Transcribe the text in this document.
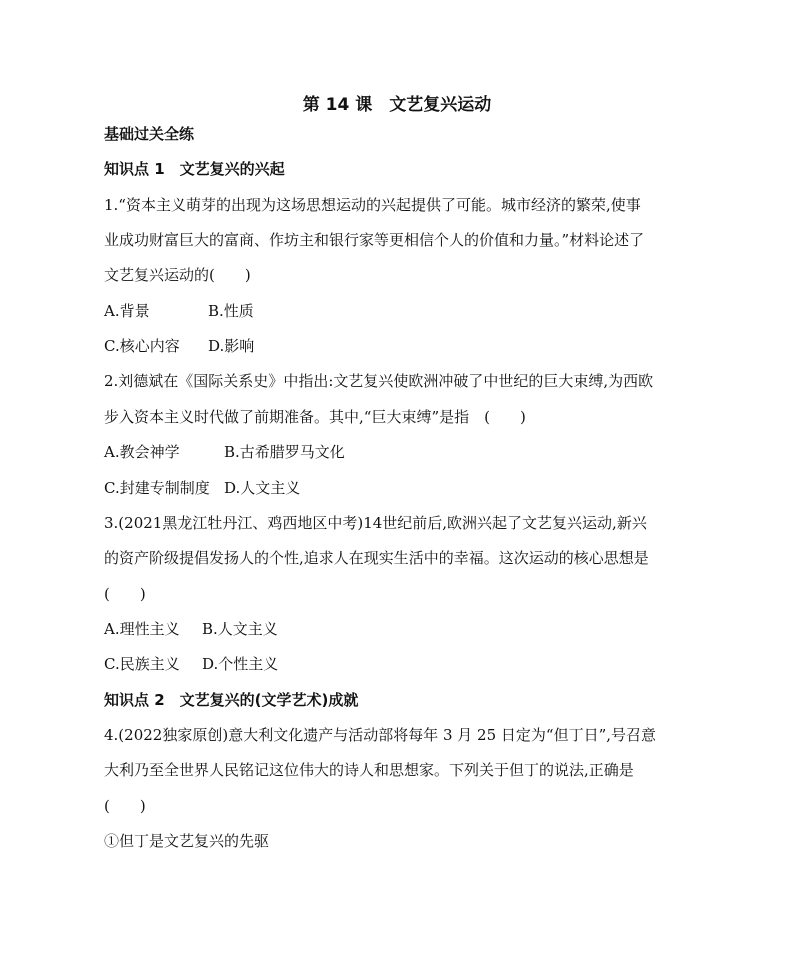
第 14 课　文艺复兴运动
基础过关全练
知识点 1　文艺复兴的兴起
1.“资本主义萌芽的出现为这场思想运动的兴起提供了可能。城市经济的繁荣,使事
业成功财富巨大的富商、作坊主和银行家等更相信个人的价值和力量。”材料论述了
文艺复兴运动的(　　)
A.背景	B.性质
C.核心内容 D.影响
2.刘德斌在《国际关系史》中指出:文艺复兴使欧洲冲破了中世纪的巨大束缚,为西欧
步入资本主义时代做了前期准备。其中,“巨大束缚”是指　(　　)
A.教会神学	B.古希腊罗马文化
C.封建专制制度 D.人文主义
3.(2021黑龙江牡丹江、鸡西地区中考)14世纪前后,欧洲兴起了文艺复兴运动,新兴
的资产阶级提倡发扬人的个性,追求人在现实生活中的幸福。这次运动的核心思想是
(　　)
A.理性主义 B.人文主义
C.民族主义 D.个性主义
知识点 2　文艺复兴的(文学艺术)成就
4.(2022独家原创)意大利文化遗产与活动部将每年 3 月 25 日定为“但丁日”,号召意
大利乃至全世界人民铭记这位伟大的诗人和思想家。下列关于但丁的说法,正确是
(　　)
①但丁是文艺复兴的先驱
